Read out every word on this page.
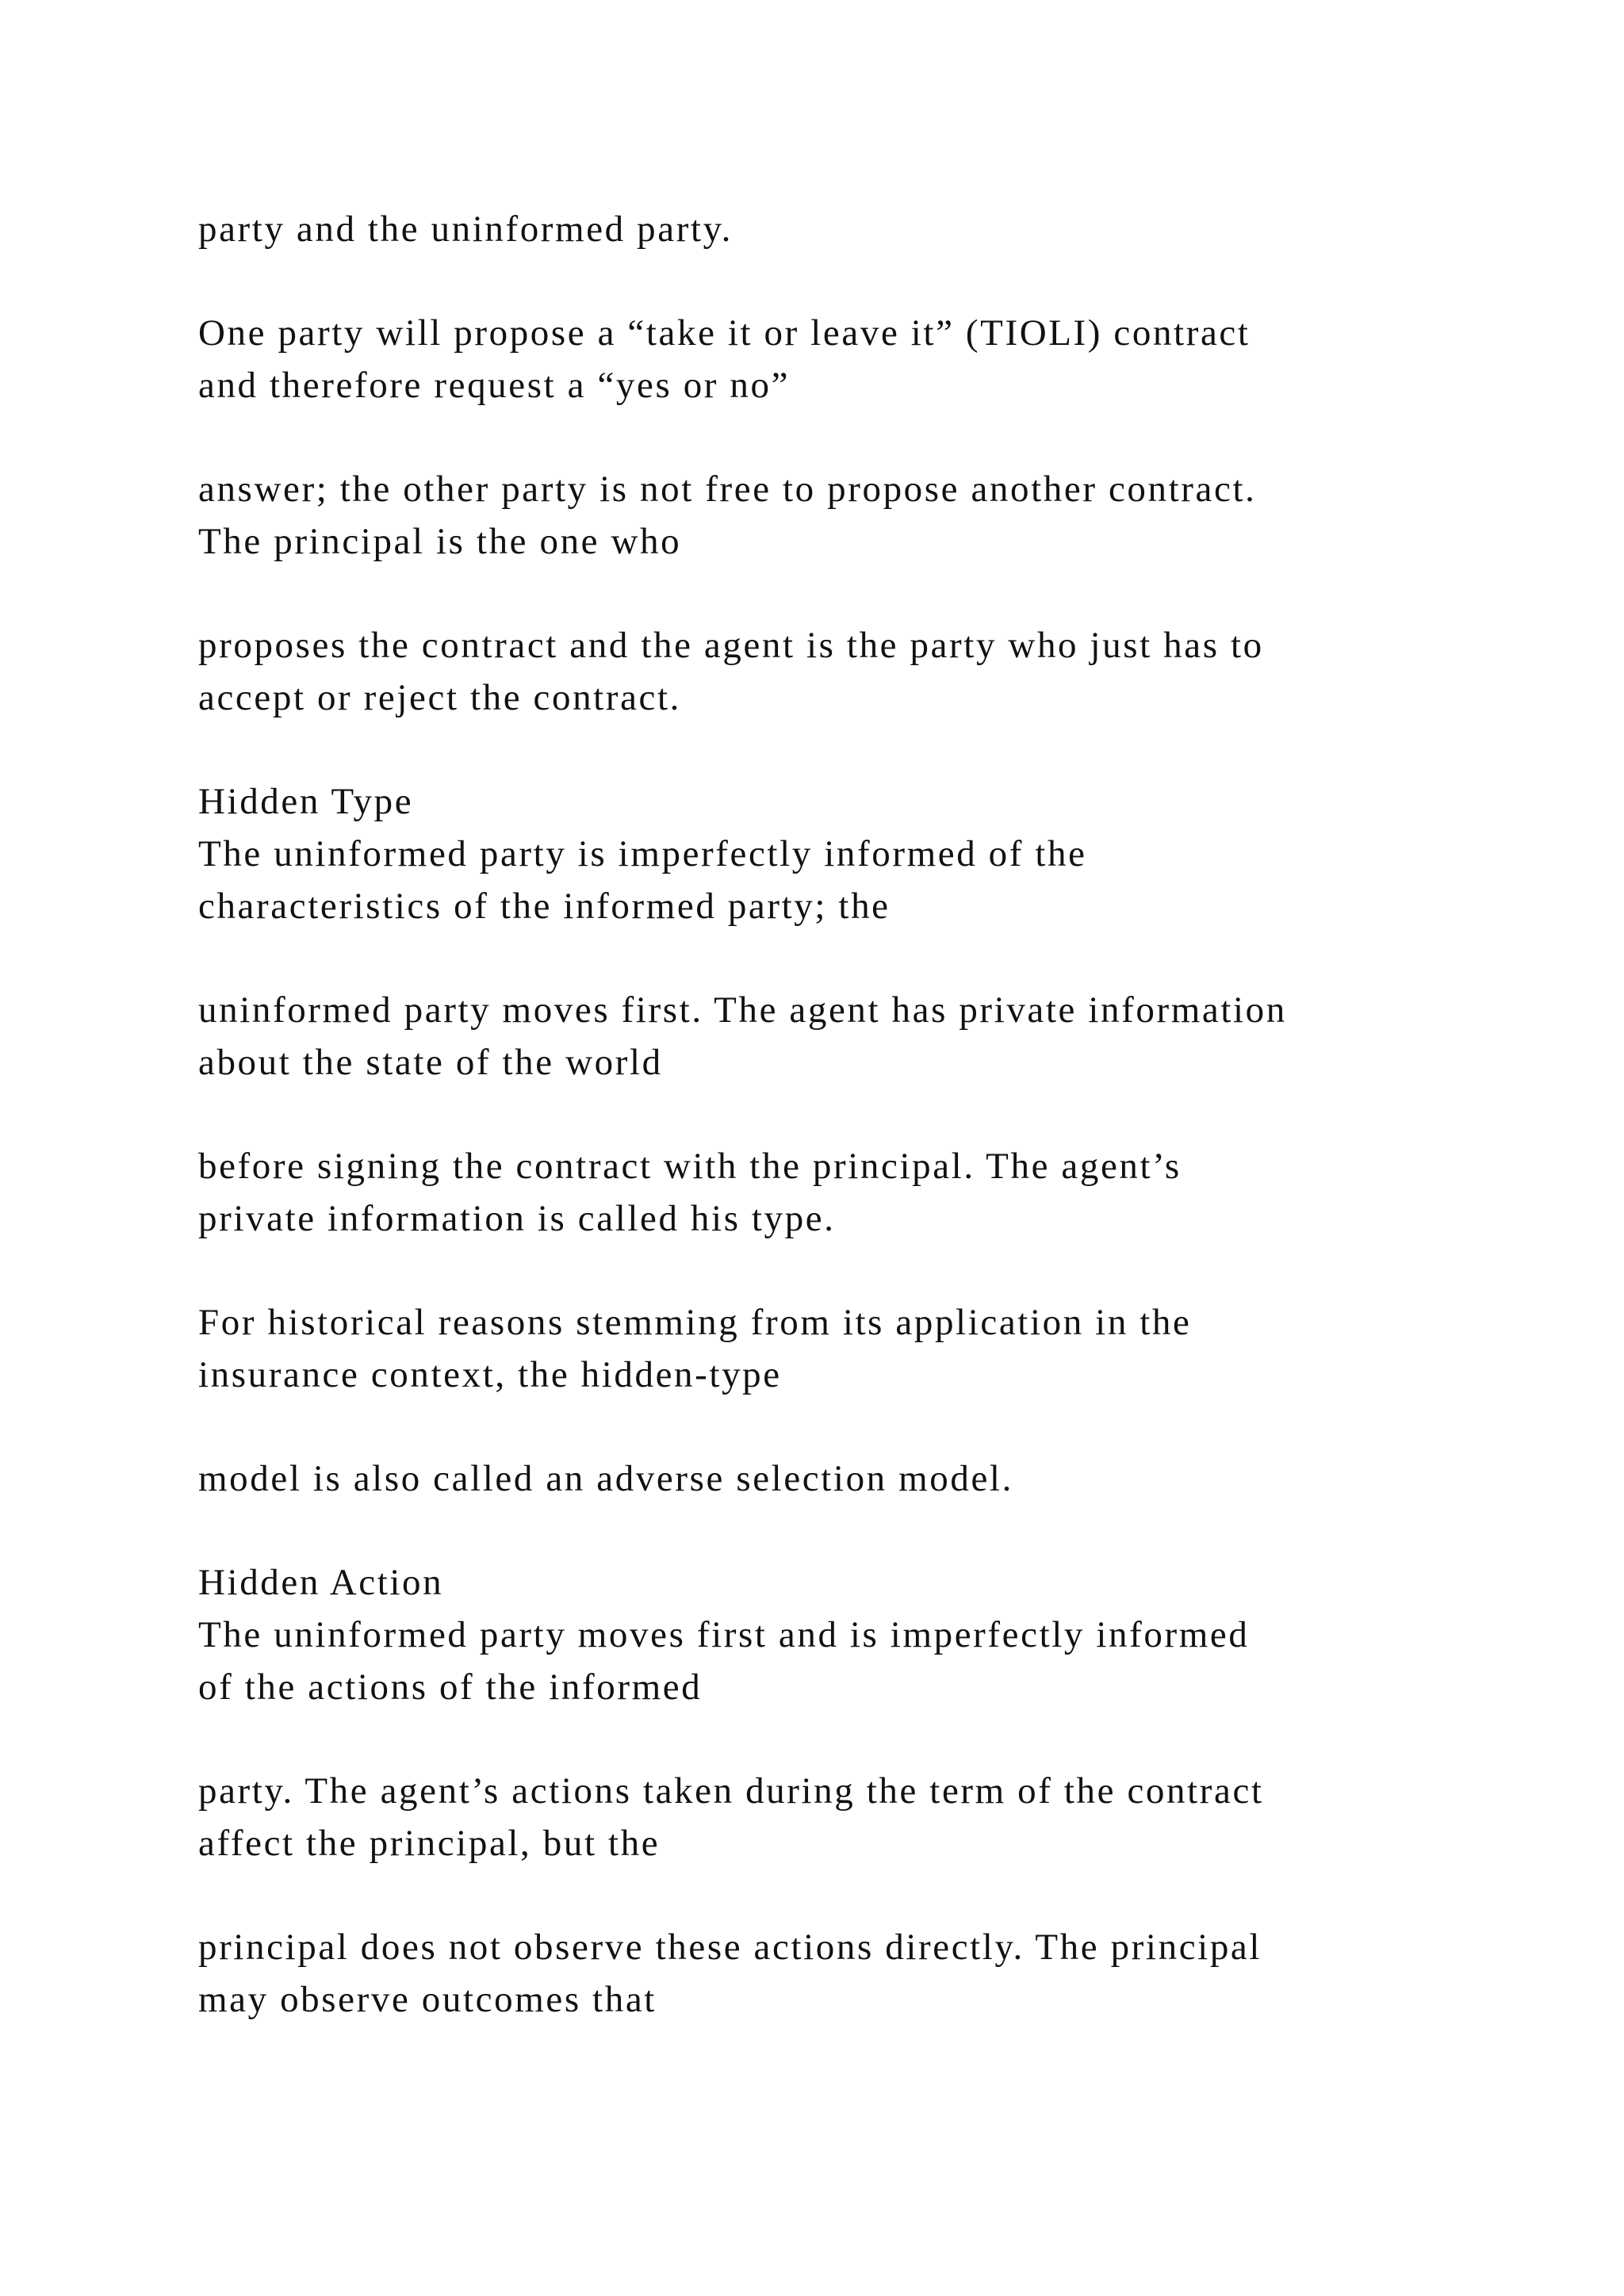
party and the uninformed party.

One party will propose a “take it or leave it” (TIOLI) contract
and therefore request a “yes or no”

answer; the other party is not free to propose another contract.
The principal is the one who

proposes the contract and the agent is the party who just has to
accept or reject the contract.

Hidden Type
The uninformed party is imperfectly informed of the
characteristics of the informed party; the

uninformed party moves first. The agent has private information
about the state of the world

before signing the contract with the principal. The agent’s
private information is called his type.

For historical reasons stemming from its application in the
insurance context, the hidden-type

model is also called an adverse selection model.

Hidden Action
The uninformed party moves first and is imperfectly informed
of the actions of the informed

party. The agent’s actions taken during the term of the contract
affect the principal, but the

principal does not observe these actions directly. The principal
may observe outcomes that
